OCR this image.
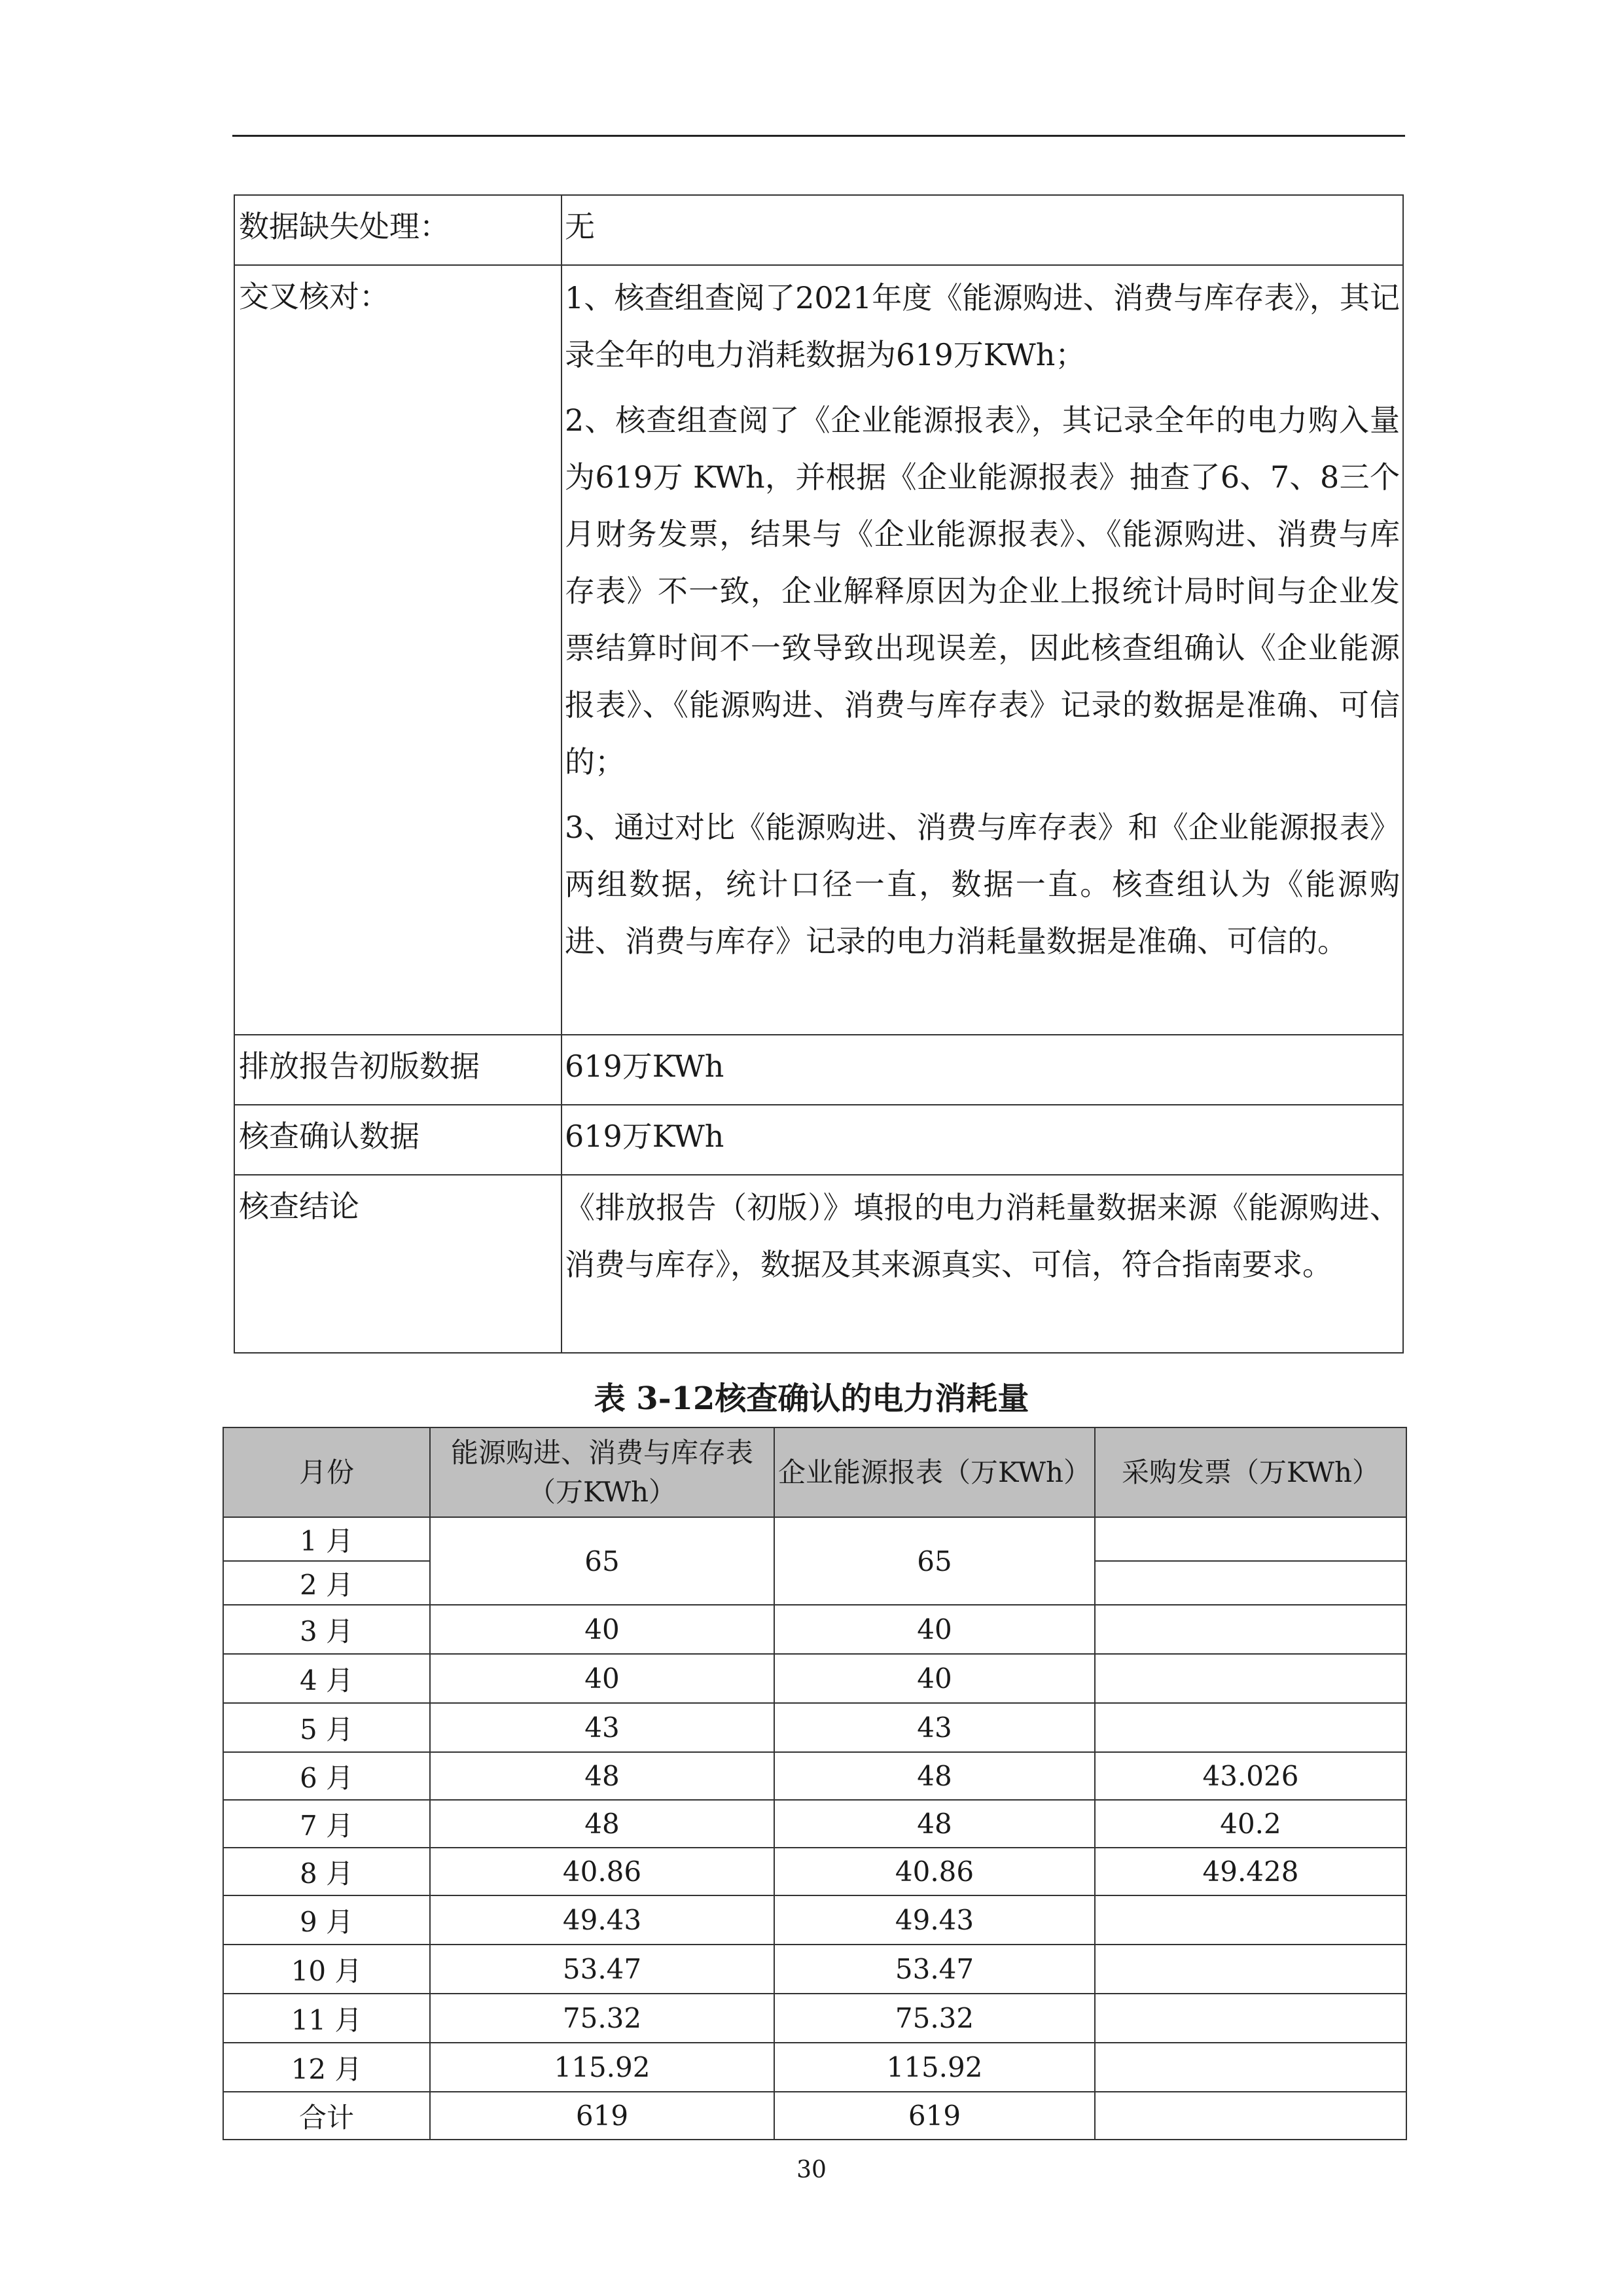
数据缺失处理：	无

交叉核对：	1、核查组查阅了2021年度《能源购进、消费与库存表》，其记录全年的电力消耗数据为619万KWh；

2、核查组查阅了《企业能源报表》，其记录全年的电力购入量为619万 KWh，并根据《企业能源报表》抽查了6、7、8三个月财务发票，结果与《企业能源报表》、《能源购进、消费与库存表》不一致，企业解释原因为企业上报统计局时间与企业发票结算时间不一致导致出现误差，因此核查组确认《企业能源报表》、《能源购进、消费与库存表》记录的数据是准确、可信的；

3、通过对比《能源购进、消费与库存表》和《企业能源报表》两组数据，统计口径一直，数据一直。核查组认为《能源购进、消费与库存》记录的电力消耗量数据是准确、可信的。

排放报告初版数据	619万KWh

核查确认数据	619万KWh

核查结论	《排放报告（初版）》填报的电力消耗量数据来源《能源购进、消费与库存》，数据及其来源真实、可信，符合指南要求。

表 3-12核查确认的电力消耗量
月份	能源购进、消费与库存表（万KWh）	企业能源报表（万KWh）	采购发票（万KWh）
1 月	65	65	
2 月			
3 月	40	40	
4 月	40	40	
5 月	43	43	
6 月	48	48	43.026
7 月	48	48	40.2
8 月	40.86	40.86	49.428
9 月	49.43	49.43	
10 月	53.47	53.47	
11 月	75.32	75.32	
12 月	115.92	115.92	
合计	619	619	
30
